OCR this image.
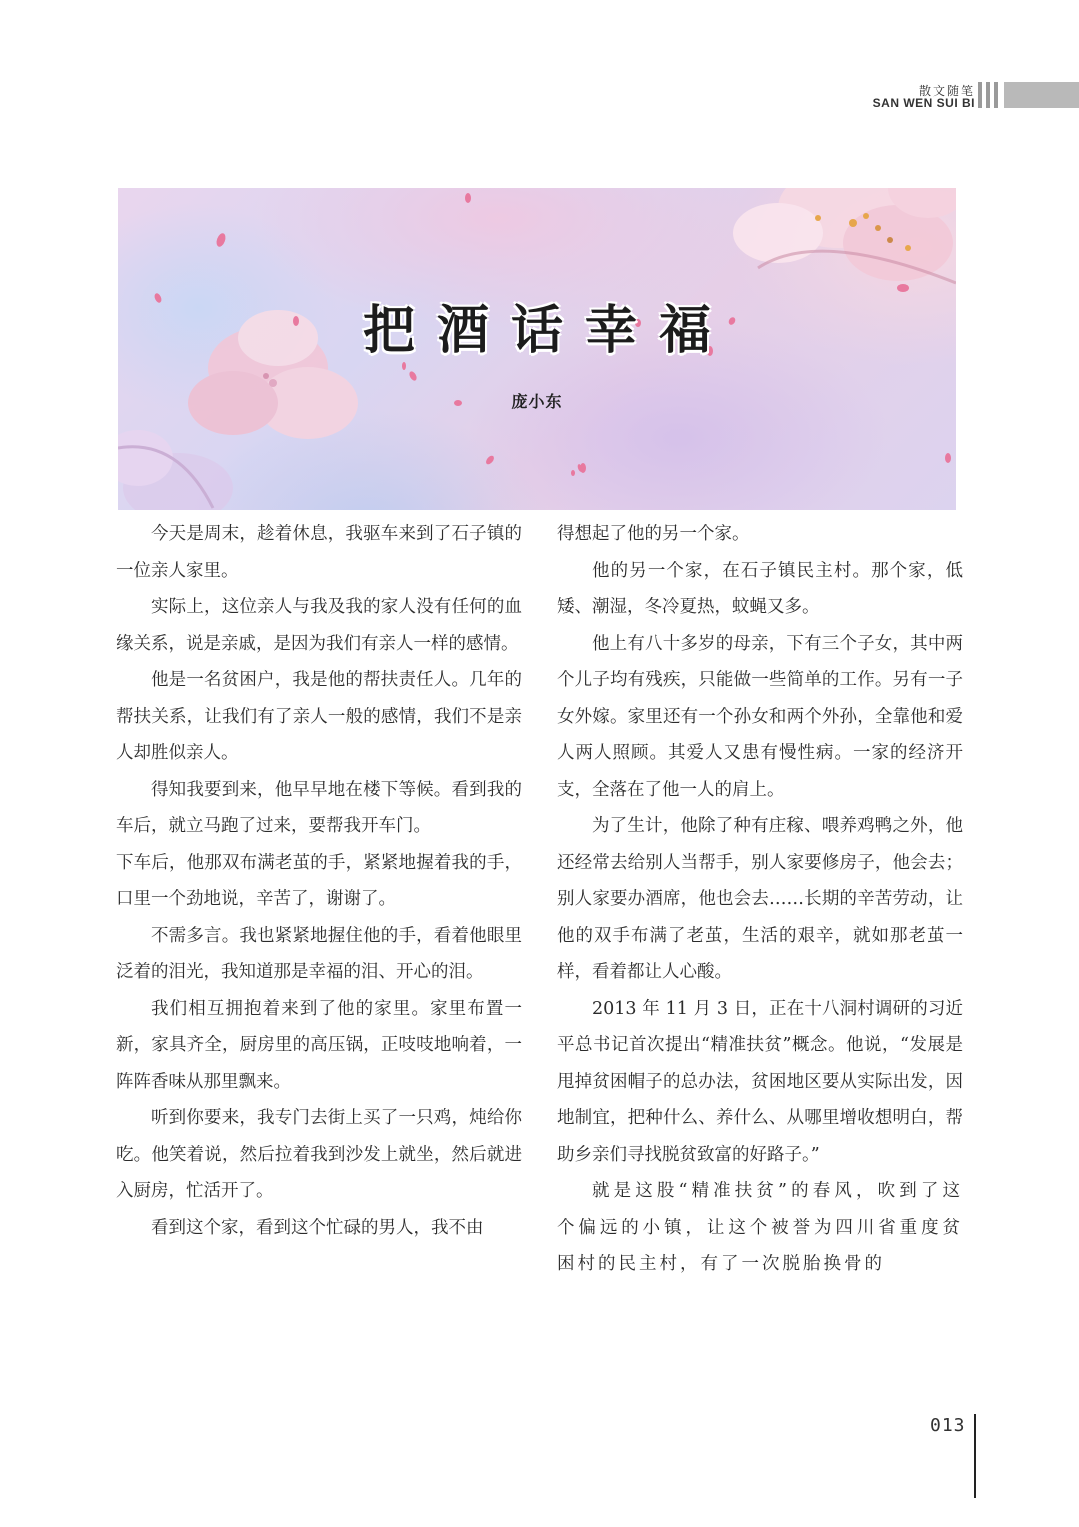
散文随笔
SAN WEN SUI BI
把酒话幸福
庞小东

今天是周末，趁着休息，我驱车来到了石子镇的一位亲人家里。

实际上，这位亲人与我及我的家人没有任何的血缘关系，说是亲戚，是因为我们有亲人一样的感情。

他是一名贫困户，我是他的帮扶责任人。几年的帮扶关系，让我们有了亲人一般的感情，我们不是亲人却胜似亲人。

得知我要到来，他早早地在楼下等候。看到我的车后，就立马跑了过来，要帮我开车门。

下车后，他那双布满老茧的手，紧紧地握着我的手，口里一个劲地说，辛苦了，谢谢了。

不需多言。我也紧紧地握住他的手，看着他眼里泛着的泪光，我知道那是幸福的泪、开心的泪。

我们相互拥抱着来到了他的家里。家里布置一新，家具齐全，厨房里的高压锅，正吱吱地响着，一阵阵香味从那里飘来。

听到你要来，我专门去街上买了一只鸡，炖给你吃。他笑着说，然后拉着我到沙发上就坐，然后就进入厨房，忙活开了。

看到这个家，看到这个忙碌的男人，我不由

得想起了他的另一个家。

他的另一个家，在石子镇民主村。那个家，低矮、潮湿，冬冷夏热，蚊蝇又多。

他上有八十多岁的母亲，下有三个子女，其中两个儿子均有残疾，只能做一些简单的工作。另有一子女外嫁。家里还有一个孙女和两个外孙，全靠他和爱人两人照顾。其爱人又患有慢性病。一家的经济开支，全落在了他一人的肩上。

为了生计，他除了种有庄稼、喂养鸡鸭之外，他还经常去给别人当帮手，别人家要修房子，他会去；别人家要办酒席，他也会去……长期的辛苦劳动，让他的双手布满了老茧，生活的艰辛，就如那老茧一样，看着都让人心酸。

2013 年 11 月 3 日，正在十八洞村调研的习近平总书记首次提出“精准扶贫”概念。他说，“发展是甩掉贫困帽子的总办法，贫困地区要从实际出发，因地制宜，把种什么、养什么、从哪里增收想明白，帮助乡亲们寻找脱贫致富的好路子。”

就是这股“精准扶贫”的春风，吹到了这个偏远的小镇，让这个被誉为四川省重度贫困村的民主村，有了一次脱胎换骨的

013
